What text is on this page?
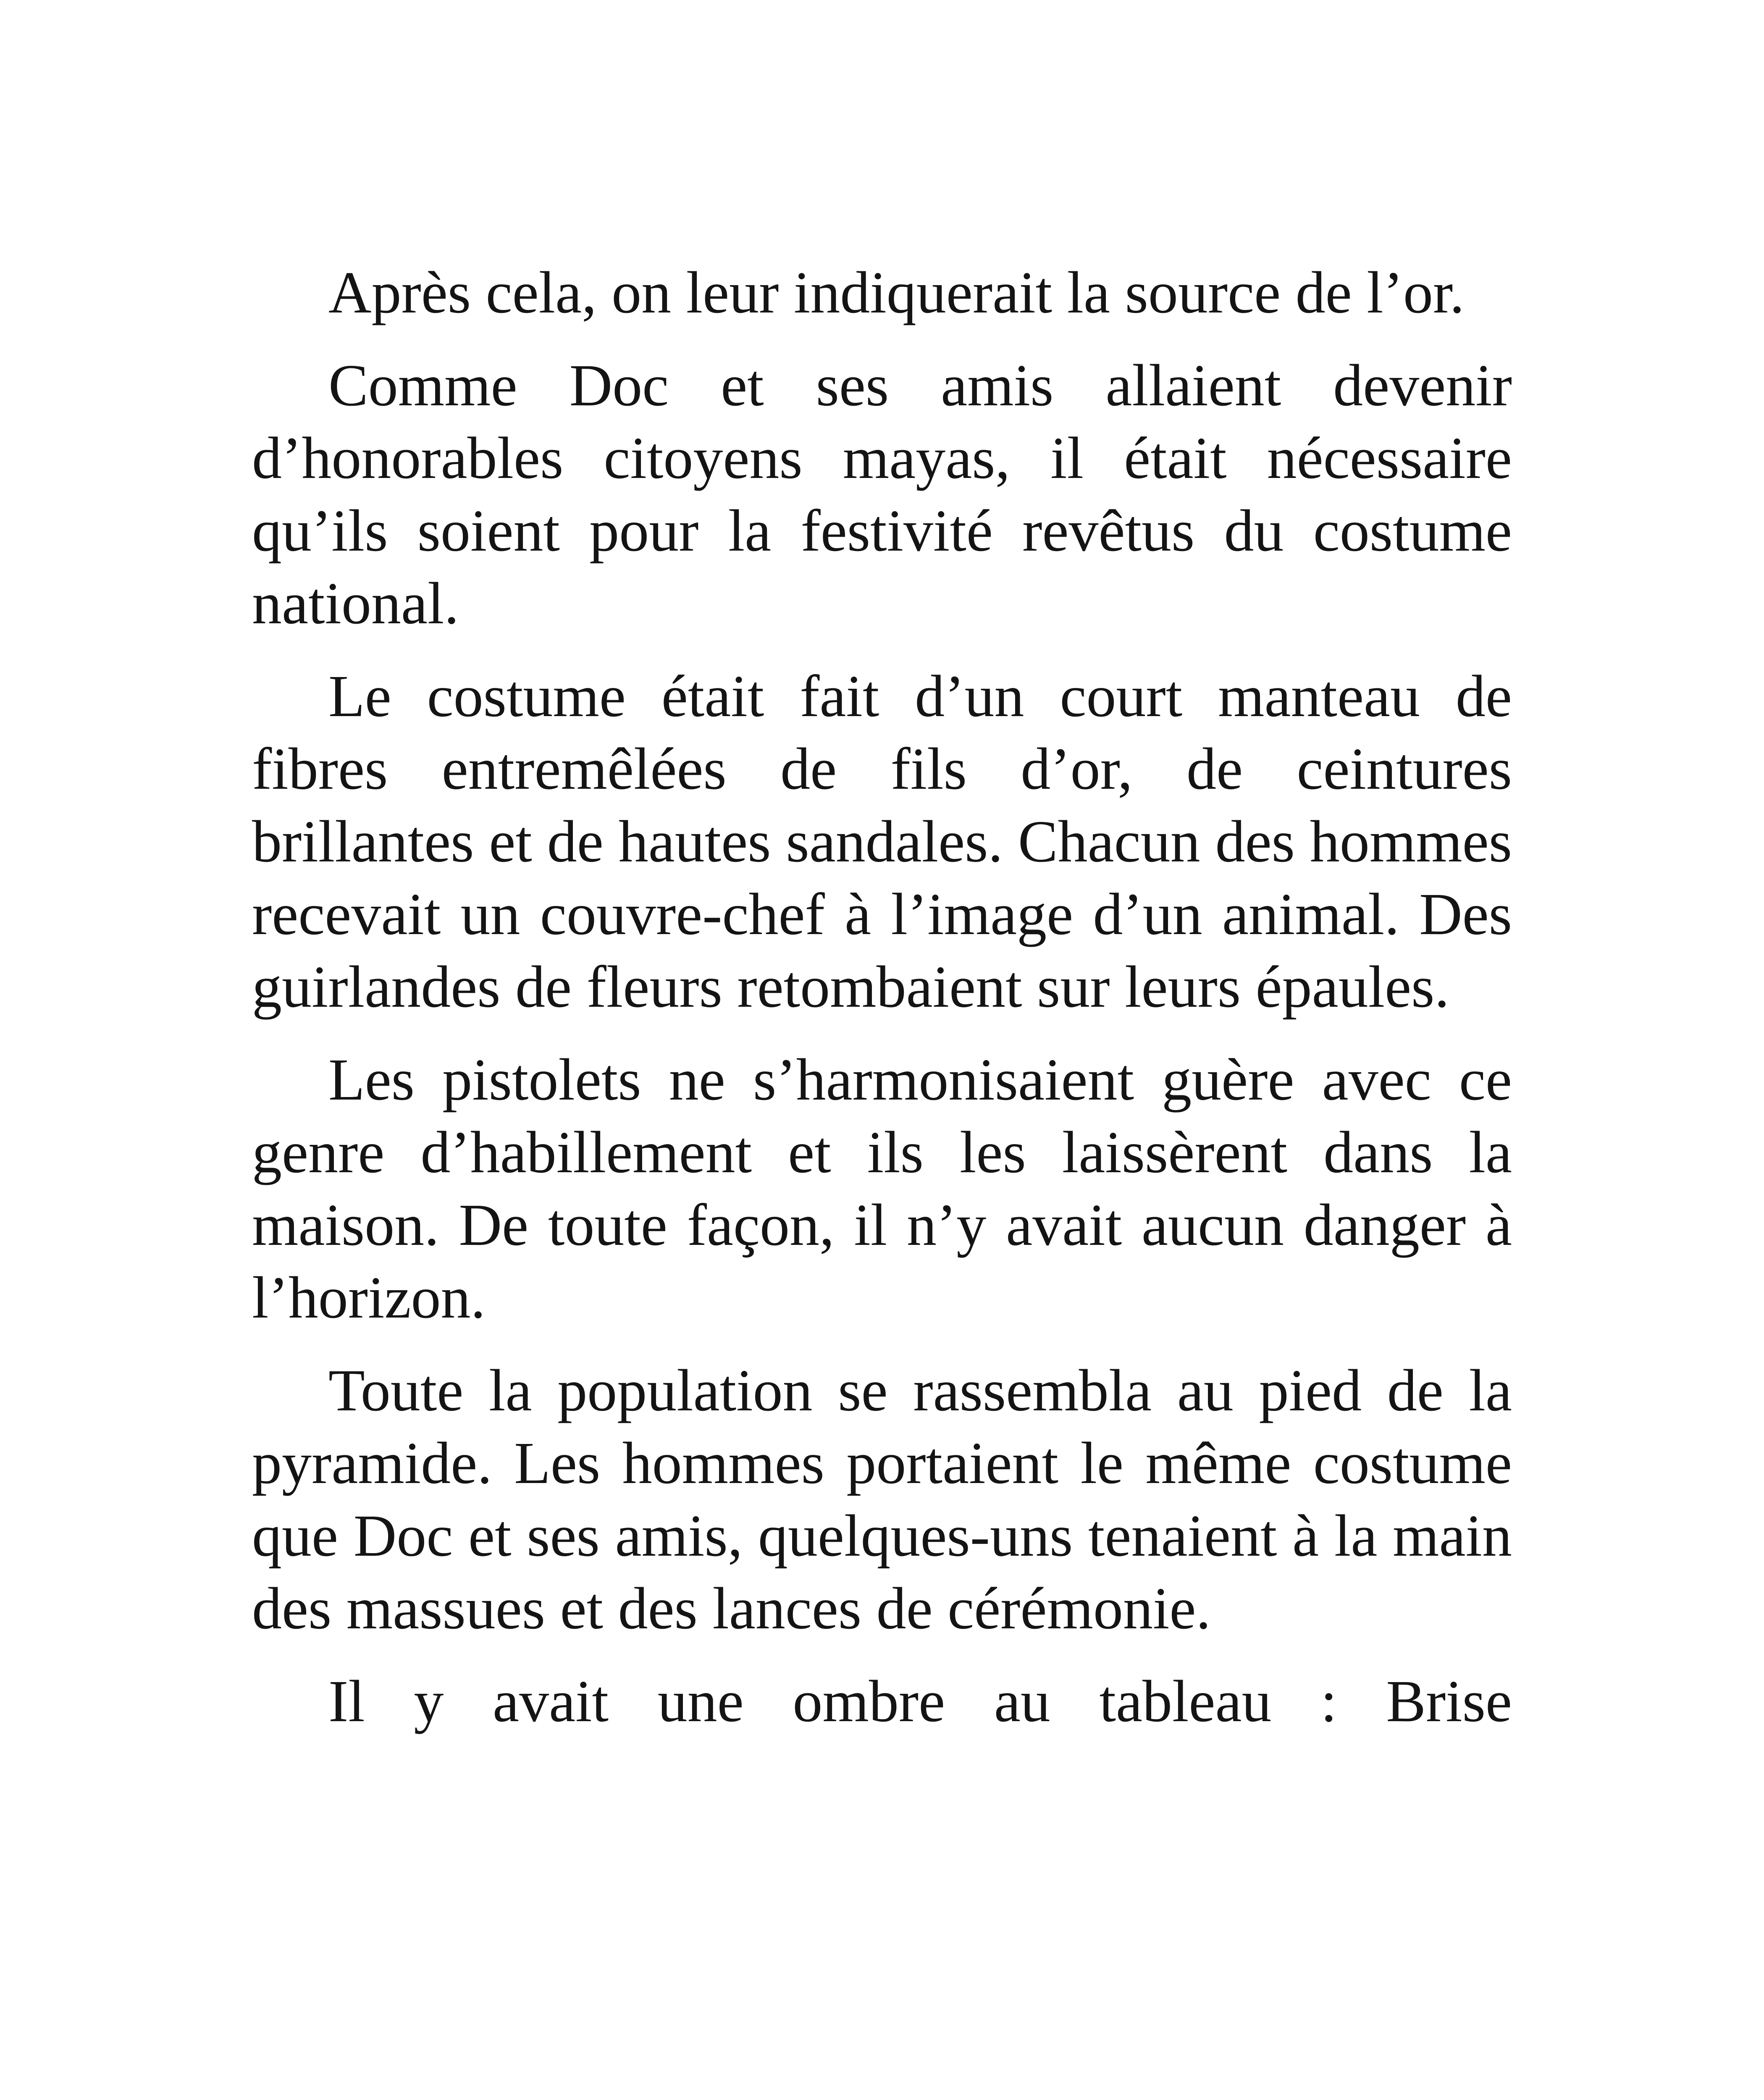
Après cela, on leur indiquerait la source de l’or.

Comme Doc et ses amis allaient devenir d’honorables citoyens mayas, il était nécessaire qu’ils soient pour la festivité revêtus du costume national.

Le costume était fait d’un court manteau de fibres entremêlées de fils d’or, de ceintures brillantes et de hautes sandales. Chacun des hommes recevait un couvre-chef à l’image d’un animal. Des guirlandes de fleurs retombaient sur leurs épaules.

Les pistolets ne s’harmonisaient guère avec ce genre d’habillement et ils les laissèrent dans la maison. De toute façon, il n’y avait aucun danger à l’horizon.

Toute la population se rassembla au pied de la pyramide. Les hommes portaient le même costume que Doc et ses amis, quelques-uns tenaient à la main des massues et des lances de cérémonie.

Il y avait une ombre au tableau : Brise
